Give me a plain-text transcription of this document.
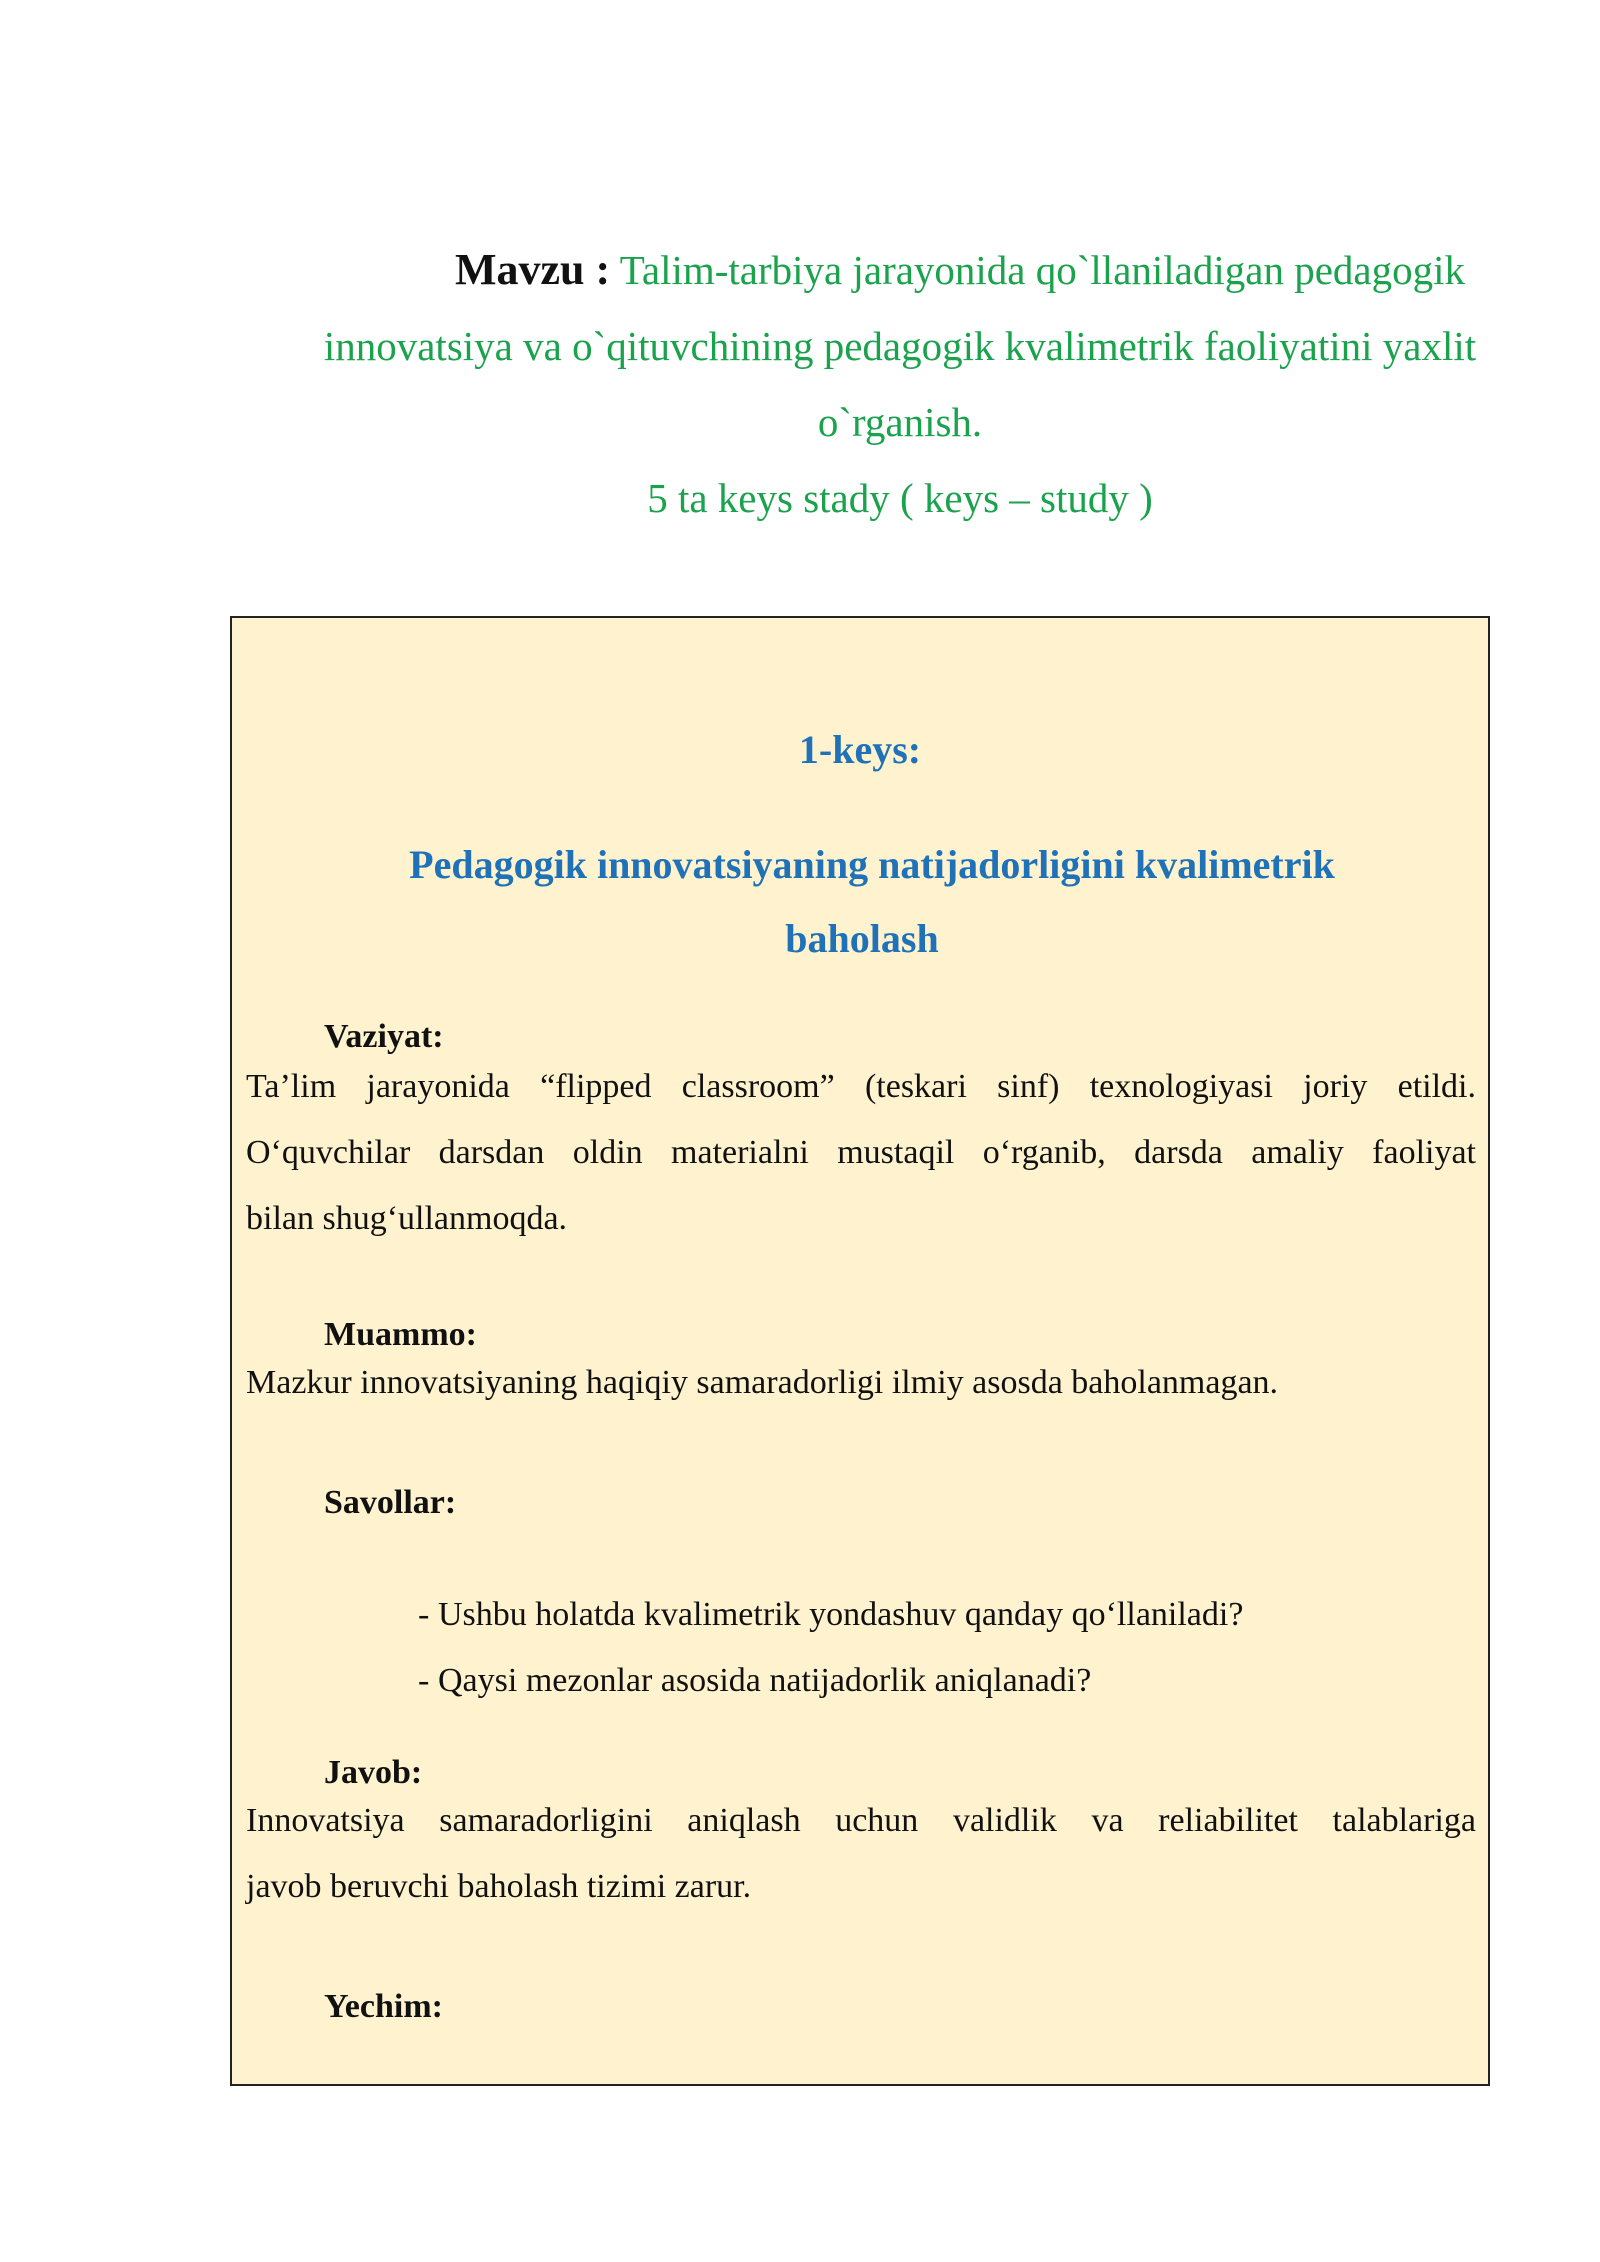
Mavzu : Talim-tarbiya jarayonida qo`llaniladigan pedagogik
innovatsiya va o`qituvchining pedagogik kvalimetrik faoliyatini yaxlit
o`rganish.
5 ta keys stady ( keys – study )
1-keys:
Pedagogik innovatsiyaning natijadorligini kvalimetrik
baholash
Vaziyat:
Ta’lim jarayonida “flipped classroom” (teskari sinf) texnologiyasi joriy etildi.
O‘quvchilar darsdan oldin materialni mustaqil o‘rganib, darsda amaliy faoliyat
bilan shug‘ullanmoqda.
Muammo:
Mazkur innovatsiyaning haqiqiy samaradorligi ilmiy asosda baholanmagan.
Savollar:
- Ushbu holatda kvalimetrik yondashuv qanday qo‘llaniladi?
- Qaysi mezonlar asosida natijadorlik aniqlanadi?
Javob:
Innovatsiya samaradorligini aniqlash uchun validlik va reliabilitet talablariga
javob beruvchi baholash tizimi zarur.
Yechim:
